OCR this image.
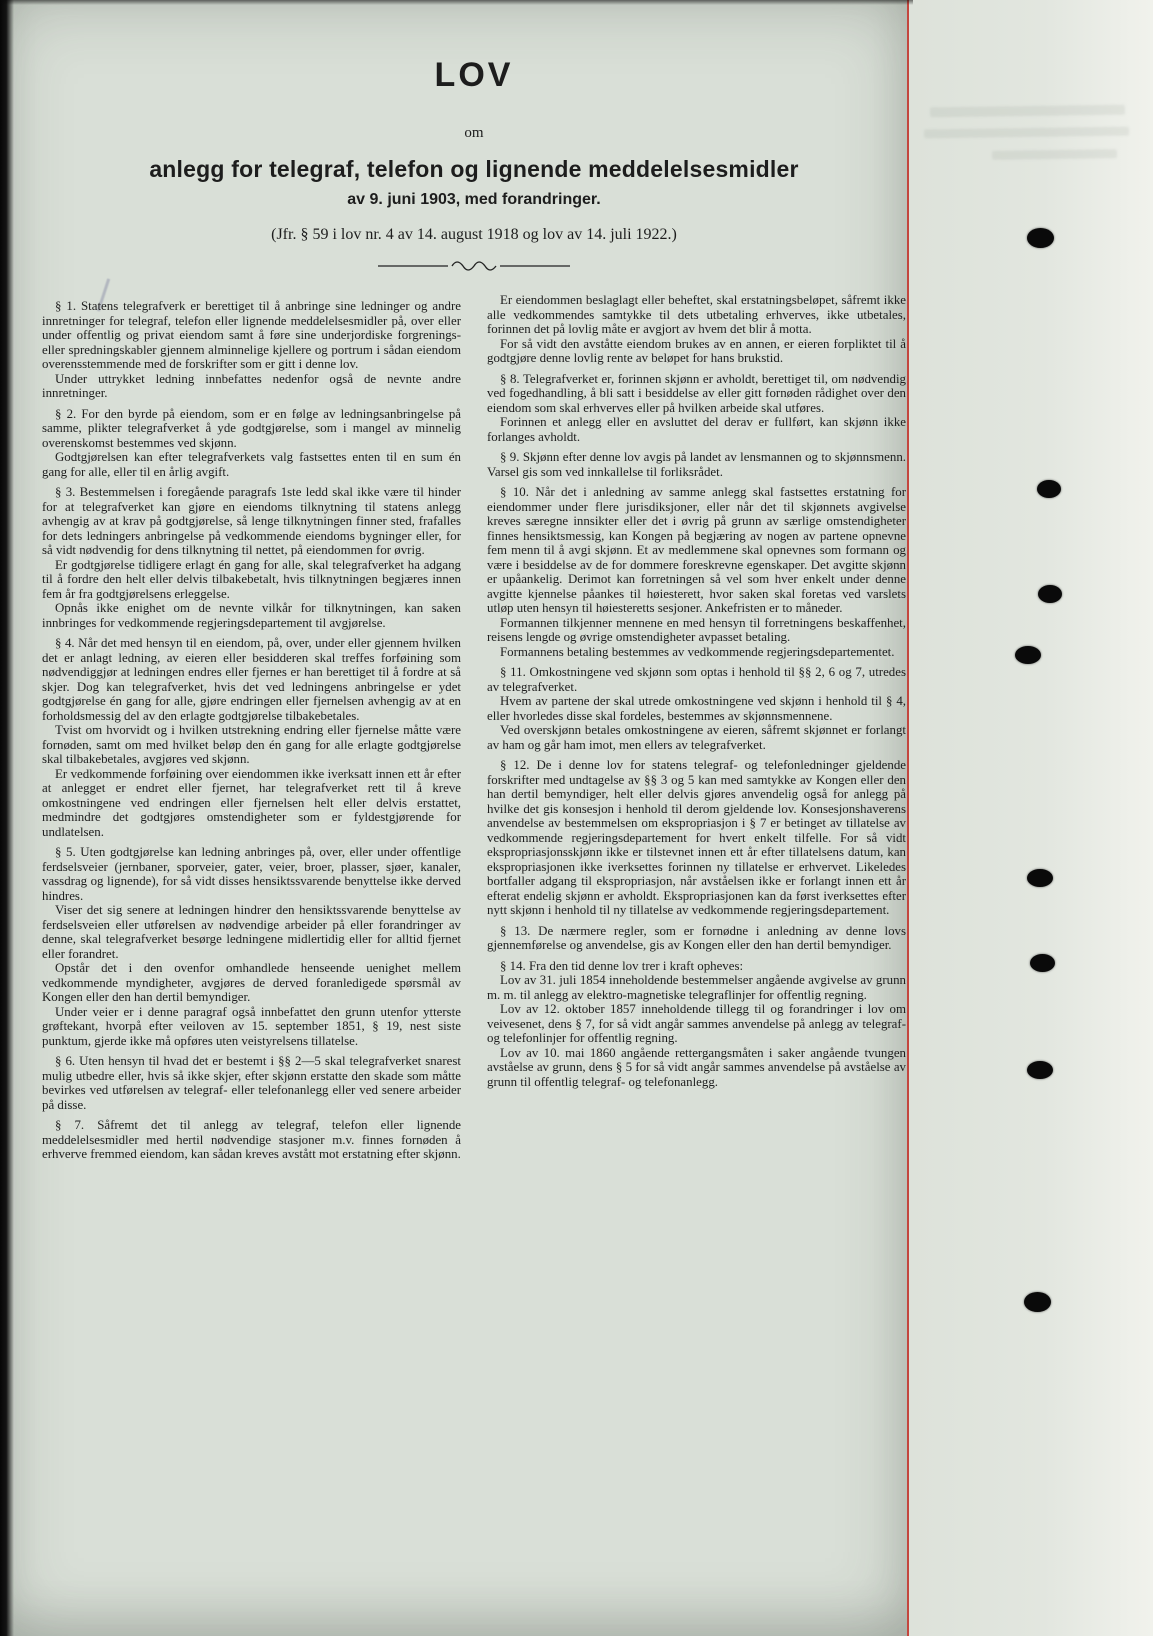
LOV
om
anlegg for telegraf, telefon og lignende meddelelsesmidler
av 9. juni 1903, med forandringer.
(Jfr. § 59 i lov nr. 4 av 14. august 1918 og lov av 14. juli 1922.)

§ 1. Statens telegrafverk er berettiget til å anbringe sine ledninger og andre innretninger for telegraf, telefon eller lignende meddelelsesmidler på, over eller under offentlig og privat eiendom samt å føre sine underjordiske forgrenings- eller spredningskabler gjennem alminnelige kjellere og portrum i sådan eiendom overensstemmende med de forskrifter som er gitt i denne lov.

Under uttrykket ledning innbefattes nedenfor også de nevnte andre innretninger.

§ 2. For den byrde på eiendom, som er en følge av ledningsanbringelse på samme, plikter telegrafverket å yde godtgjørelse, som i mangel av minnelig overenskomst bestemmes ved skjønn.

Godtgjørelsen kan efter telegrafverkets valg fastsettes enten til en sum én gang for alle, eller til en årlig avgift.

§ 3. Bestemmelsen i foregående paragrafs 1ste ledd skal ikke være til hinder for at telegrafverket kan gjøre en eiendoms tilknytning til statens anlegg avhengig av at krav på godtgjørelse, så lenge tilknytningen finner sted, frafalles for dets ledningers anbringelse på vedkommende eiendoms bygninger eller, for så vidt nødvendig for dens tilknytning til nettet, på eiendommen for øvrig.

Er godtgjørelse tidligere erlagt én gang for alle, skal telegrafverket ha adgang til å fordre den helt eller delvis tilbakebetalt, hvis tilknytningen begjæres innen fem år fra godtgjørelsens erleggelse.

Opnås ikke enighet om de nevnte vilkår for tilknytningen, kan saken innbringes for vedkommende regjeringsdepartement til avgjørelse.

§ 4. Når det med hensyn til en eiendom, på, over, under eller gjennem hvilken det er anlagt ledning, av eieren eller besidderen skal treffes forføining som nødvendiggjør at ledningen endres eller fjernes er han berettiget til å fordre at så skjer. Dog kan telegrafverket, hvis det ved ledningens anbringelse er ydet godtgjørelse én gang for alle, gjøre endringen eller fjernelsen avhengig av at en forholdsmessig del av den erlagte godtgjørelse tilbakebetales.

Tvist om hvorvidt og i hvilken utstrekning endring eller fjernelse måtte være fornøden, samt om med hvilket beløp den én gang for alle erlagte godtgjørelse skal tilbakebetales, avgjøres ved skjønn.

Er vedkommende forføining over eiendommen ikke iverksatt innen ett år efter at anlegget er endret eller fjernet, har telegrafverket rett til å kreve omkostningene ved endringen eller fjernelsen helt eller delvis erstattet, medmindre det godtgjøres omstendigheter som er fyldestgjørende for undlatelsen.

§ 5. Uten godtgjørelse kan ledning anbringes på, over, eller under offentlige ferdselsveier (jernbaner, sporveier, gater, veier, broer, plasser, sjøer, kanaler, vassdrag og lignende), for så vidt disses hensiktssvarende benyttelse ikke derved hindres.

Viser det sig senere at ledningen hindrer den hensiktssvarende benyttelse av ferdselsveien eller utførelsen av nødvendige arbeider på eller forandringer av denne, skal telegrafverket besørge ledningene midlertidig eller for alltid fjernet eller forandret.

Opstår det i den ovenfor omhandlede henseende uenighet mellem vedkommende myndigheter, avgjøres de derved foranledigede spørsmål av Kongen eller den han dertil bemyndiger.

Under veier er i denne paragraf også innbefattet den grunn utenfor ytterste grøftekant, hvorpå efter veiloven av 15. september 1851, § 19, nest siste punktum, gjerde ikke må opføres uten veistyrelsens tillatelse.

§ 6. Uten hensyn til hvad det er bestemt i §§ 2—5 skal telegrafverket snarest mulig utbedre eller, hvis så ikke skjer, efter skjønn erstatte den skade som måtte bevirkes ved utførelsen av telegraf- eller telefonanlegg eller ved senere arbeider på disse.

§ 7. Såfremt det til anlegg av telegraf, telefon eller lignende meddelelsesmidler med hertil nødvendige stasjoner m.v. finnes fornøden å erhverve fremmed eiendom, kan sådan kreves avstått mot erstatning efter skjønn.

Er eiendommen beslaglagt eller beheftet, skal erstatningsbeløpet, såfremt ikke alle vedkommendes samtykke til dets utbetaling erhverves, ikke utbetales, forinnen det på lovlig måte er avgjort av hvem det blir å motta.

For så vidt den avståtte eiendom brukes av en annen, er eieren forpliktet til å godtgjøre denne lovlig rente av beløpet for hans brukstid.

§ 8. Telegrafverket er, forinnen skjønn er avholdt, berettiget til, om nødvendig ved fogedhandling, å bli satt i besiddelse av eller gitt fornøden rådighet over den eiendom som skal erhverves eller på hvilken arbeide skal utføres.

Forinnen et anlegg eller en avsluttet del derav er fullført, kan skjønn ikke forlanges avholdt.

§ 9. Skjønn efter denne lov avgis på landet av lensmannen og to skjønnsmenn. Varsel gis som ved innkallelse til forliksrådet.

§ 10. Når det i anledning av samme anlegg skal fastsettes erstatning for eiendommer under flere jurisdiksjoner, eller når det til skjønnets avgivelse kreves særegne innsikter eller det i øvrig på grunn av særlige omstendigheter finnes hensiktsmessig, kan Kongen på begjæring av nogen av partene opnevne fem menn til å avgi skjønn. Et av medlemmene skal opnevnes som formann og være i besiddelse av de for dommere foreskrevne egenskaper. Det avgitte skjønn er upåankelig. Derimot kan forretningen så vel som hver enkelt under denne avgitte kjennelse påankes til høiesterett, hvor saken skal foretas ved varslets utløp uten hensyn til høiesteretts sesjoner. Ankefristen er to måneder.

Formannen tilkjenner mennene en med hensyn til forretningens beskaffenhet, reisens lengde og øvrige omstendigheter avpasset betaling.

Formannens betaling bestemmes av vedkommende regjeringsdepartementet.

§ 11. Omkostningene ved skjønn som optas i henhold til §§ 2, 6 og 7, utredes av telegrafverket.

Hvem av partene der skal utrede omkostningene ved skjønn i henhold til § 4, eller hvorledes disse skal fordeles, bestemmes av skjønnsmennene.

Ved overskjønn betales omkostningene av eieren, såfremt skjønnet er forlangt av ham og går ham imot, men ellers av telegrafverket.

§ 12. De i denne lov for statens telegraf- og telefonledninger gjeldende forskrifter med undtagelse av §§ 3 og 5 kan med samtykke av Kongen eller den han dertil bemyndiger, helt eller delvis gjøres anvendelig også for anlegg på hvilke det gis konsesjon i henhold til derom gjeldende lov. Konsesjonshaverens anvendelse av bestemmelsen om ekspropriasjon i § 7 er betinget av tillatelse av vedkommende regjeringsdepartement for hvert enkelt tilfelle. For så vidt ekspropriasjonsskjønn ikke er tilstevnet innen ett år efter tillatelsens datum, kan ekspropriasjonen ikke iverksettes forinnen ny tillatelse er erhvervet. Likeledes bortfaller adgang til ekspropriasjon, når avståelsen ikke er forlangt innen ett år efterat endelig skjønn er avholdt. Ekspropriasjonen kan da først iverksettes efter nytt skjønn i henhold til ny tillatelse av vedkommende regjeringsdepartement.

§ 13. De nærmere regler, som er fornødne i anledning av denne lovs gjennemførelse og anvendelse, gis av Kongen eller den han dertil bemyndiger.

§ 14. Fra den tid denne lov trer i kraft opheves:

Lov av 31. juli 1854 inneholdende bestemmelser angående avgivelse av grunn m. m. til anlegg av elektro-magnetiske telegraflinjer for offentlig regning.

Lov av 12. oktober 1857 inneholdende tillegg til og forandringer i lov om veivesenet, dens § 7, for så vidt angår sammes anvendelse på anlegg av telegraf- og telefonlinjer for offentlig regning.

Lov av 10. mai 1860 angående rettergangsmåten i saker angående tvungen avståelse av grunn, dens § 5 for så vidt angår sammes anvendelse på avståelse av grunn til offentlig telegraf- og telefonanlegg.
